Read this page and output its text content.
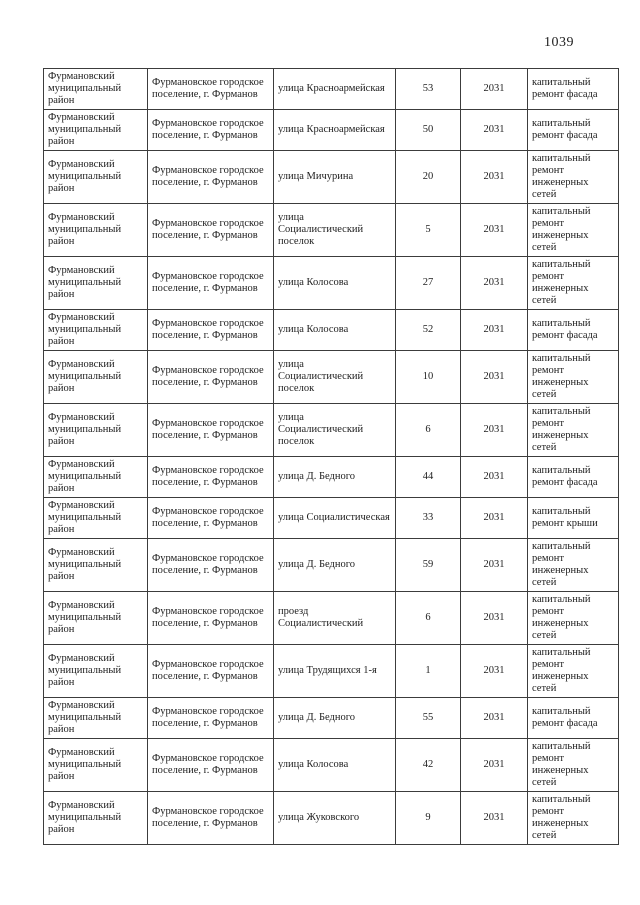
1039
Фурмановский муниципальный район	Фурмановское городское поселение, г. Фурманов	улица Красноармейская	53	2031	капитальный ремонт фасада
Фурмановский муниципальный район	Фурмановское городское поселение, г. Фурманов	улица Красноармейская	50	2031	капитальный ремонт фасада
Фурмановский муниципальный район	Фурмановское городское поселение, г. Фурманов	улица Мичурина	20	2031	капитальный ремонт инженерных сетей
Фурмановский муниципальный район	Фурмановское городское поселение, г. Фурманов	улица Социалистический поселок	5	2031	капитальный ремонт инженерных сетей
Фурмановский муниципальный район	Фурмановское городское поселение, г. Фурманов	улица Колосова	27	2031	капитальный ремонт инженерных сетей
Фурмановский муниципальный район	Фурмановское городское поселение, г. Фурманов	улица Колосова	52	2031	капитальный ремонт фасада
Фурмановский муниципальный район	Фурмановское городское поселение, г. Фурманов	улица Социалистический поселок	10	2031	капитальный ремонт инженерных сетей
Фурмановский муниципальный район	Фурмановское городское поселение, г. Фурманов	улица Социалистический поселок	6	2031	капитальный ремонт инженерных сетей
Фурмановский муниципальный район	Фурмановское городское поселение, г. Фурманов	улица Д. Бедного	44	2031	капитальный ремонт фасада
Фурмановский муниципальный район	Фурмановское городское поселение, г. Фурманов	улица Социалистическая	33	2031	капитальный ремонт крыши
Фурмановский муниципальный район	Фурмановское городское поселение, г. Фурманов	улица Д. Бедного	59	2031	капитальный ремонт инженерных сетей
Фурмановский муниципальный район	Фурмановское городское поселение, г. Фурманов	проезд Социалистический	6	2031	капитальный ремонт инженерных сетей
Фурмановский муниципальный район	Фурмановское городское поселение, г. Фурманов	улица Трудящихся 1-я	1	2031	капитальный ремонт инженерных сетей
Фурмановский муниципальный район	Фурмановское городское поселение, г. Фурманов	улица Д. Бедного	55	2031	капитальный ремонт фасада
Фурмановский муниципальный район	Фурмановское городское поселение, г. Фурманов	улица Колосова	42	2031	капитальный ремонт инженерных сетей
Фурмановский муниципальный район	Фурмановское городское поселение, г. Фурманов	улица Жуковского	9	2031	капитальный ремонт инженерных сетей
